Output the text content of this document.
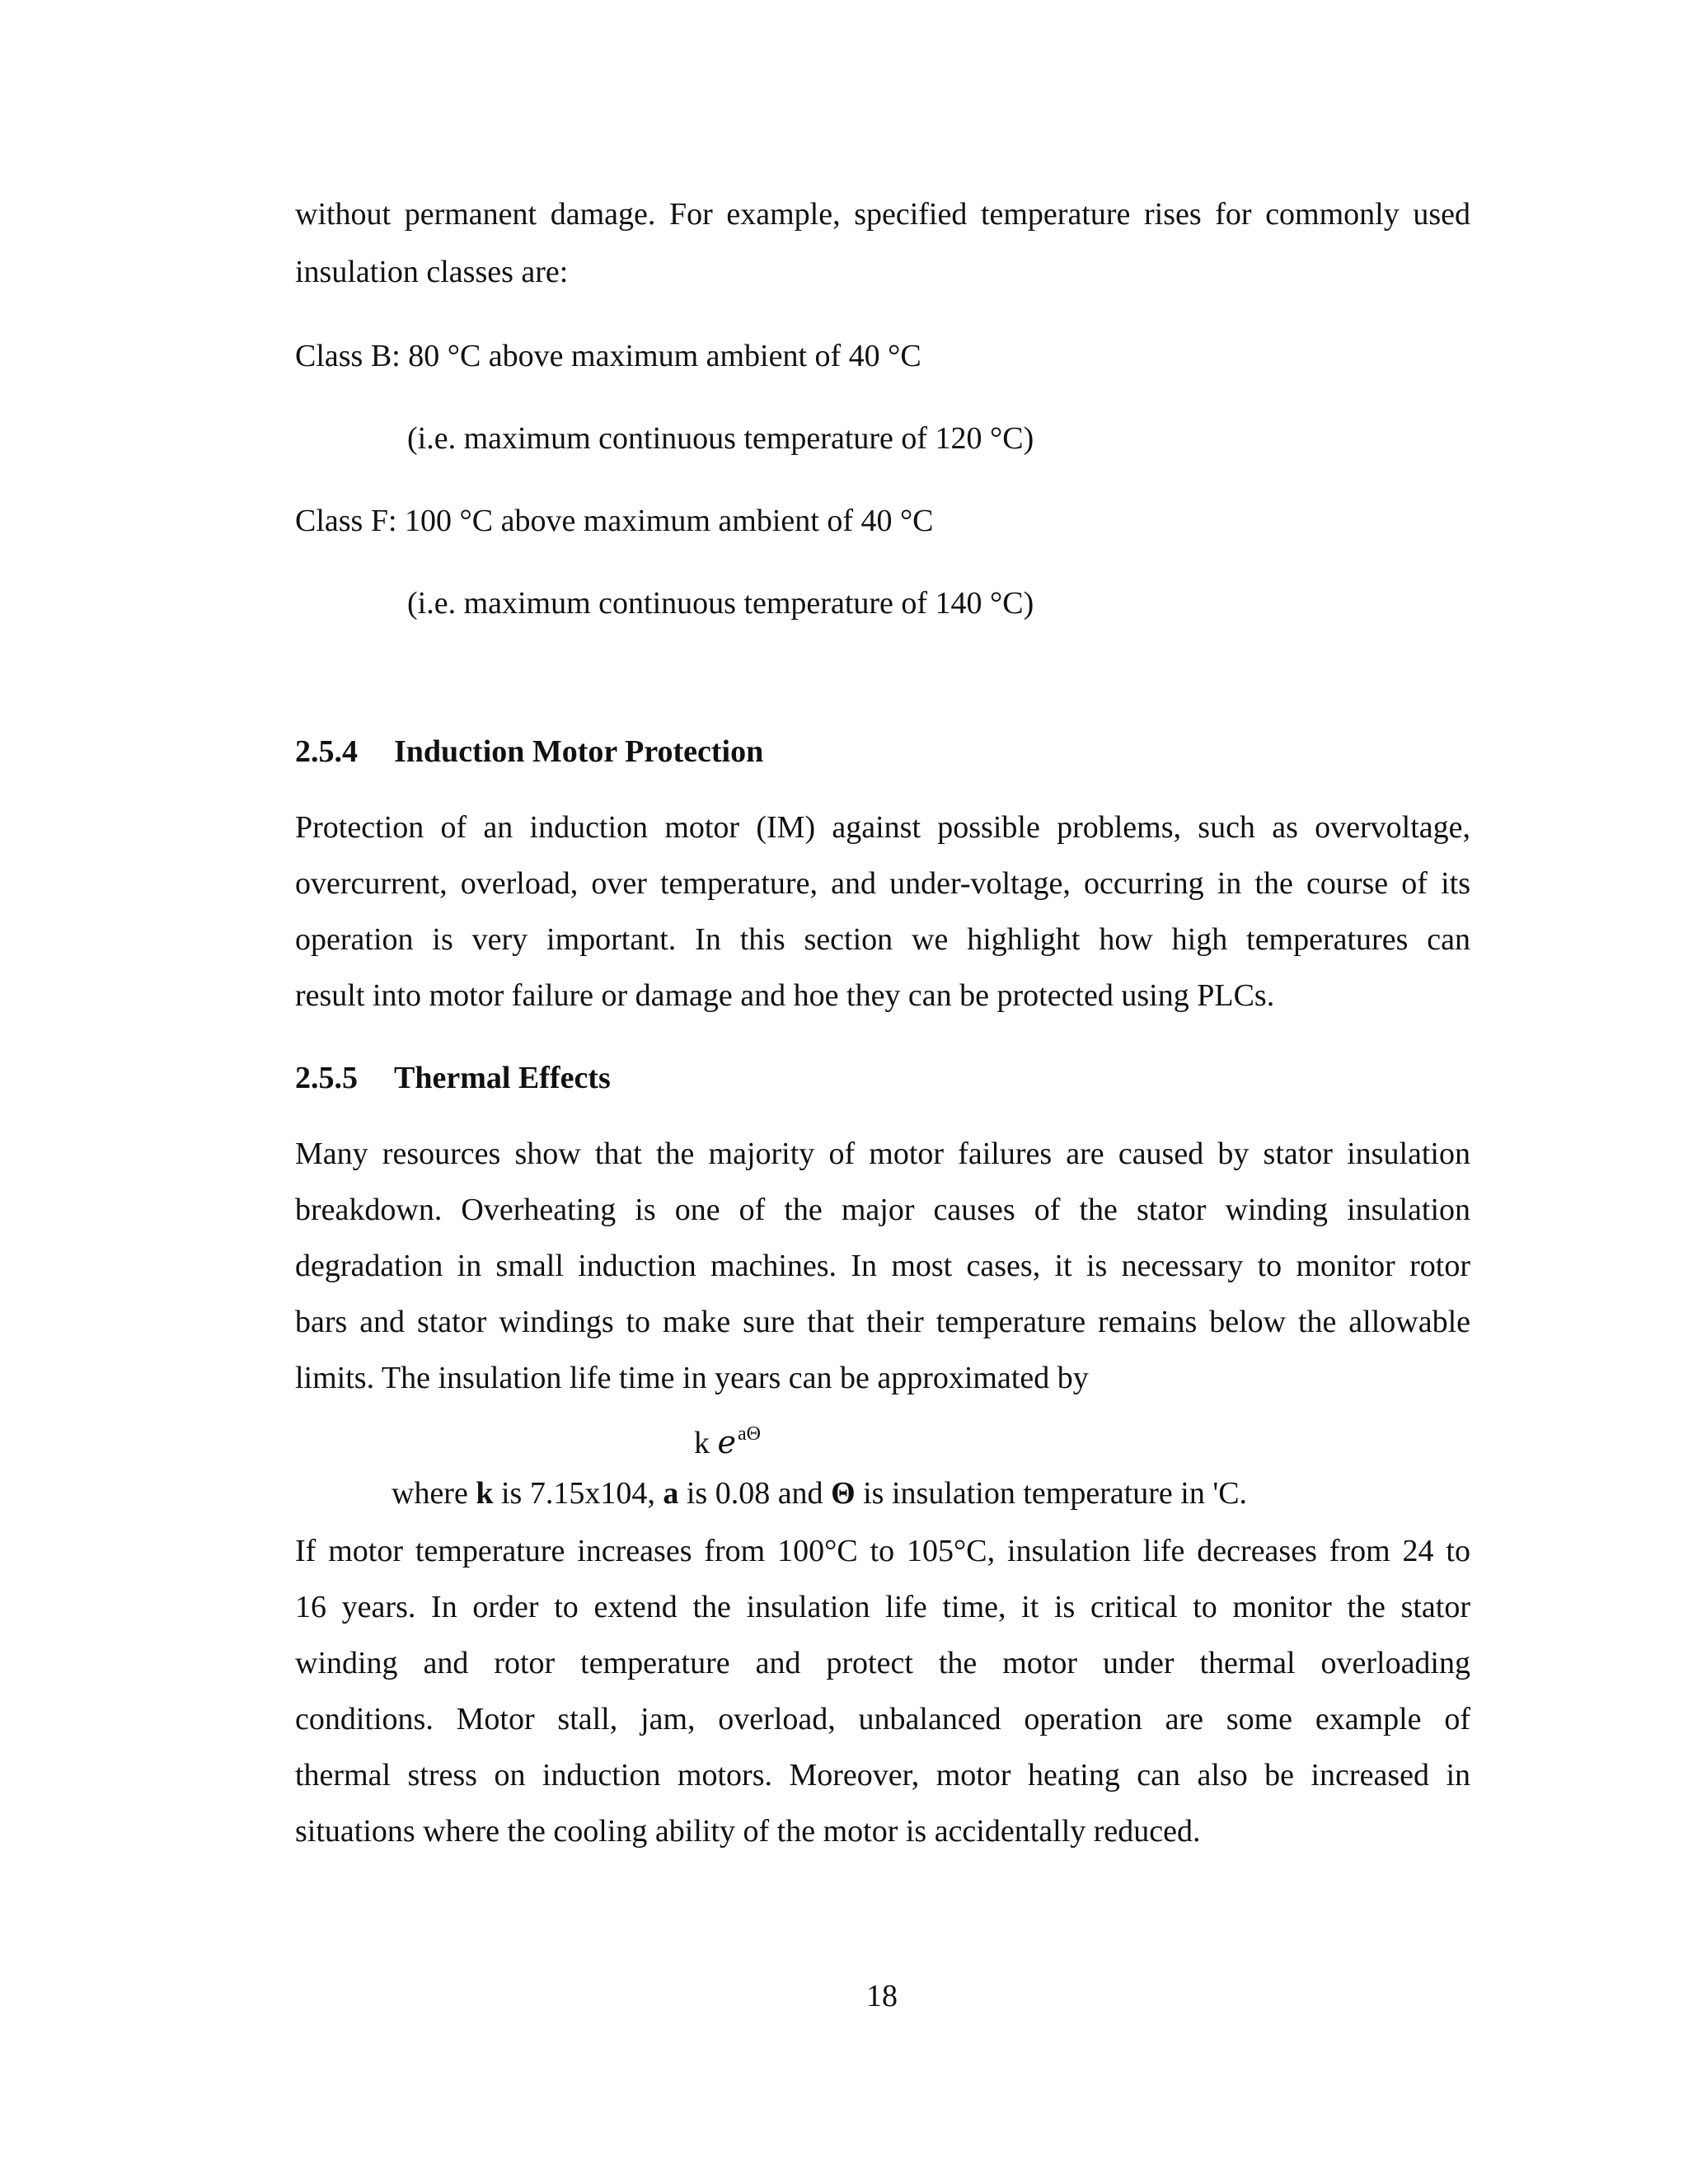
without permanent damage. For example, specified temperature rises for commonly used
insulation classes are:
Class B: 80 °C above maximum ambient of 40 °C
(i.e. maximum continuous temperature of 120 °C)
Class F: 100 °C above maximum ambient of 40 °C
(i.e. maximum continuous temperature of 140 °C)
2.5.4 Induction Motor Protection
Protection of an induction motor (IM) against possible problems, such as overvoltage,
overcurrent, overload, over temperature, and under-voltage, occurring in the course of its
operation is very important. In this section we highlight how high temperatures can
result into motor failure or damage and hoe they can be protected using PLCs.
2.5.5 Thermal Effects
Many resources show that the majority of motor failures are caused by stator insulation
breakdown. Overheating is one of the major causes of the stator winding insulation
degradation in small induction machines. In most cases, it is necessary to monitor rotor
bars and stator windings to make sure that their temperature remains below the allowable
limits. The insulation life time in years can be approximated by
k $e^{a\Theta}$
where k is 7.15x104, a is 0.08 and Θ is insulation temperature in 'C.
If motor temperature increases from 100°C to 105°C, insulation life decreases from 24 to
16 years. In order to extend the insulation life time, it is critical to monitor the stator
winding and rotor temperature and protect the motor under thermal overloading
conditions. Motor stall, jam, overload, unbalanced operation are some example of
thermal stress on induction motors. Moreover, motor heating can also be increased in
situations where the cooling ability of the motor is accidentally reduced.
18
